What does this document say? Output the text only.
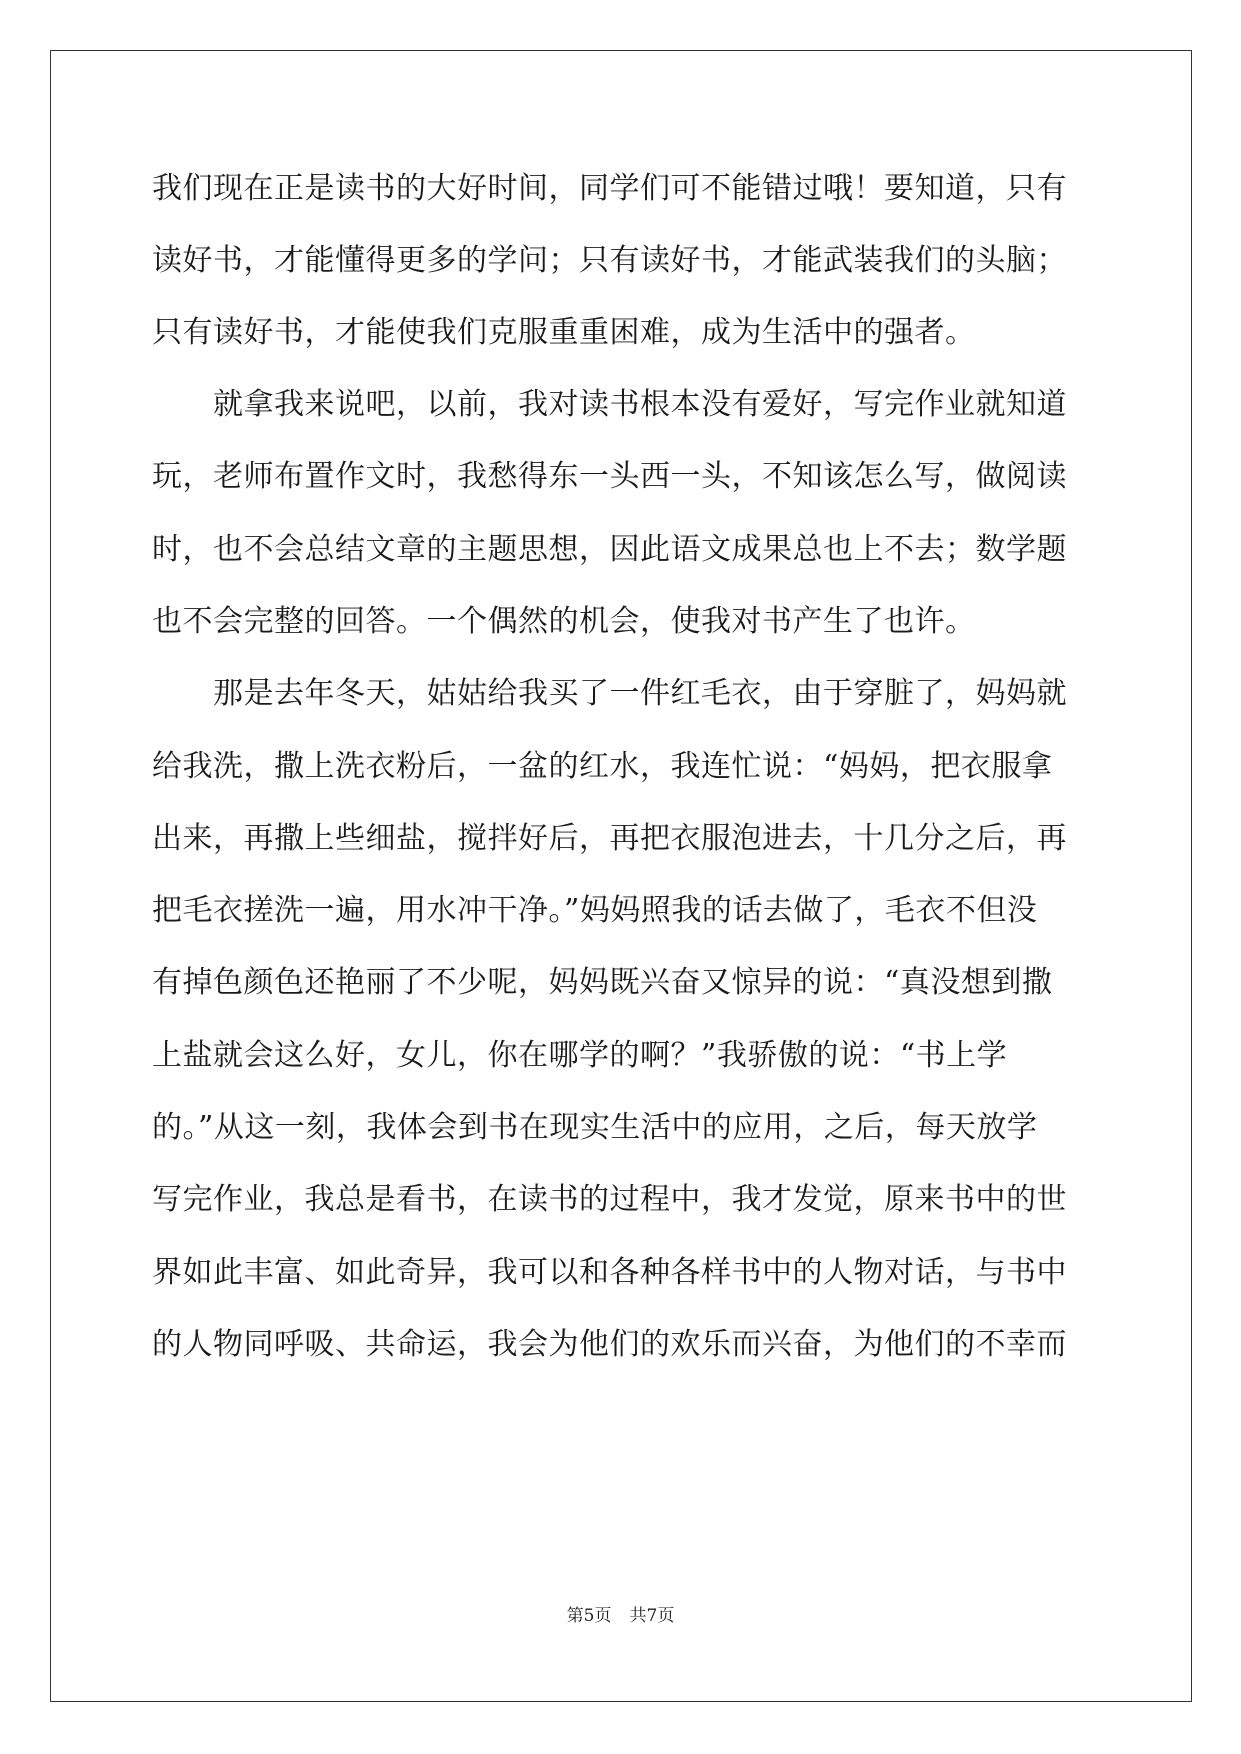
我们现在正是读书的大好时间，同学们可不能错过哦！要知道，只有
读好书，才能懂得更多的学问；只有读好书，才能武装我们的头脑；
只有读好书，才能使我们克服重重困难，成为生活中的强者。
　　就拿我来说吧，以前，我对读书根本没有爱好，写完作业就知道
玩，老师布置作文时，我愁得东一头西一头，不知该怎么写，做阅读
时，也不会总结文章的主题思想，因此语文成果总也上不去；数学题
也不会完整的回答。一个偶然的机会，使我对书产生了也许。
　　那是去年冬天，姑姑给我买了一件红毛衣，由于穿脏了，妈妈就
给我洗，撒上洗衣粉后，一盆的红水，我连忙说：“妈妈，把衣服拿
出来，再撒上些细盐，搅拌好后，再把衣服泡进去，十几分之后，再
把毛衣搓洗一遍，用水冲干净。”妈妈照我的话去做了，毛衣不但没
有掉色颜色还艳丽了不少呢，妈妈既兴奋又惊异的说：“真没想到撒
上盐就会这么好，女儿，你在哪学的啊？”我骄傲的说：“书上学
的。”从这一刻，我体会到书在现实生活中的应用，之后，每天放学
写完作业，我总是看书，在读书的过程中，我才发觉，原来书中的世
界如此丰富、如此奇异，我可以和各种各样书中的人物对话，与书中
的人物同呼吸、共命运，我会为他们的欢乐而兴奋，为他们的不幸而
第5页 共7页
